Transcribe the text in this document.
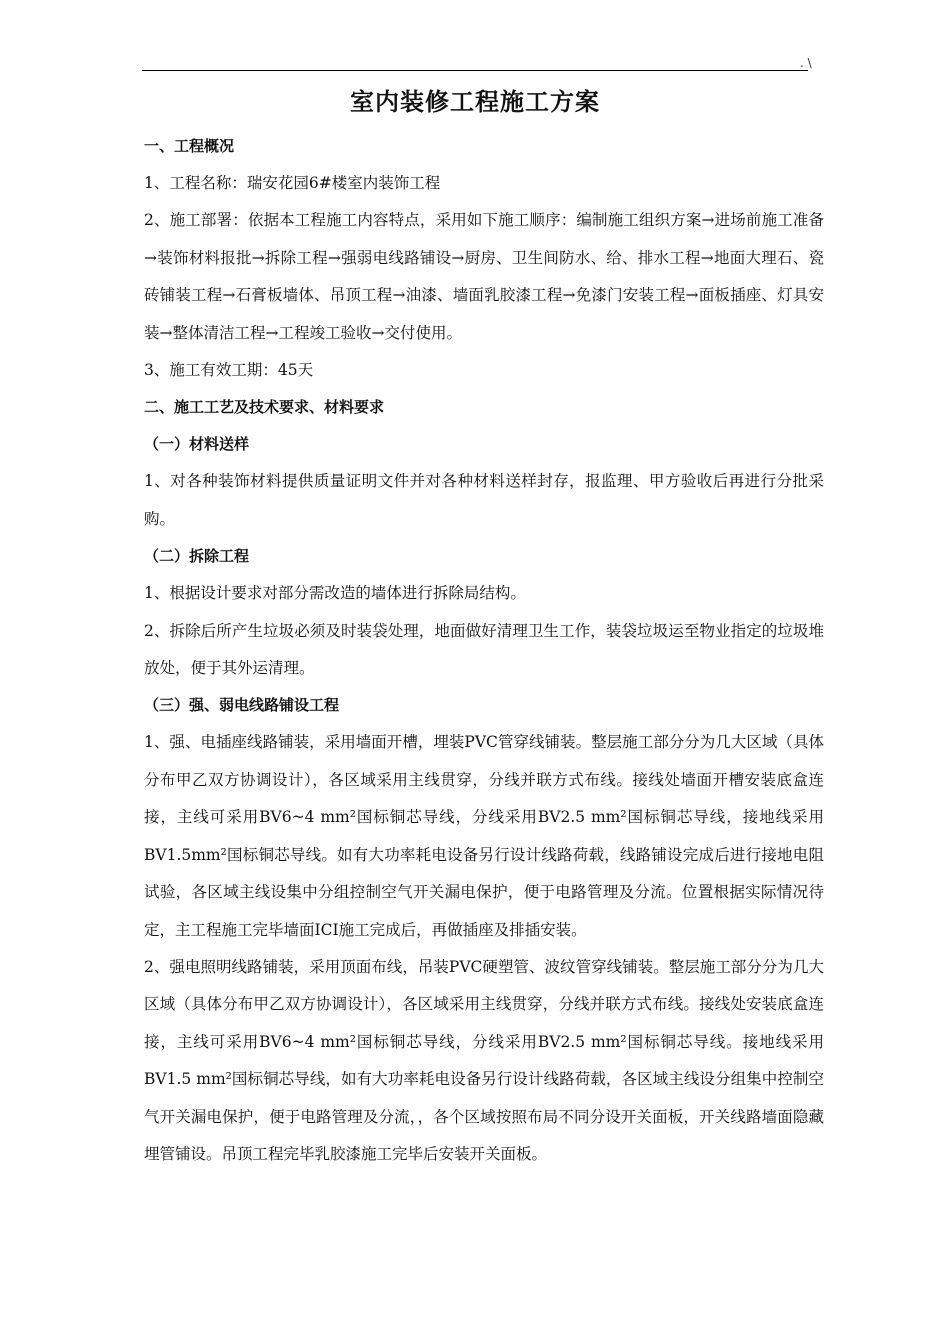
. \
室内装修工程施工方案
一、工程概况

1、工程名称：瑞安花园6#楼室内装饰工程

2、施工部署：依据本工程施工内容特点，采用如下施工顺序：编制施工组织方案→进场前施工准备→装饰材料报批→拆除工程→强弱电线路铺设→厨房、卫生间防水、给、排水工程→地面大理石、瓷砖铺装工程→石膏板墙体、吊顶工程→油漆、墙面乳胶漆工程→免漆门安装工程→面板插座、灯具安装→整体清洁工程→工程竣工验收→交付使用。

3、施工有效工期：45天

二、施工工艺及技术要求、材料要求
（一）材料送样

1、对各种装饰材料提供质量证明文件并对各种材料送样封存，报监理、甲方验收后再进行分批采购。

（二）拆除工程

1、根据设计要求对部分需改造的墙体进行拆除局结构。

2、拆除后所产生垃圾必须及时装袋处理，地面做好清理卫生工作，装袋垃圾运至物业指定的垃圾堆放处，便于其外运清理。

（三）强、弱电线路铺设工程

1、强、电插座线路铺装，采用墙面开槽，埋装PVC管穿线铺装。整层施工部分分为几大区域（具体分布甲乙双方协调设计），各区域采用主线贯穿，分线并联方式布线。接线处墙面开槽安装底盒连接，主线可采用BV6~4 mm²国标铜芯导线，分线采用BV2.5 mm²国标铜芯导线，接地线采用BV1.5mm²国标铜芯导线。如有大功率耗电设备另行设计线路荷载，线路铺设完成后进行接地电阻试验，各区域主线设集中分组控制空气开关漏电保护，便于电路管理及分流。位置根据实际情况待定，主工程施工完毕墙面ICI施工完成后，再做插座及排插安装。

2、强电照明线路铺装，采用顶面布线，吊装PVC硬塑管、波纹管穿线铺装。整层施工部分分为几大区域（具体分布甲乙双方协调设计），各区域采用主线贯穿，分线并联方式布线。接线处安装底盒连接，主线可采用BV6~4 mm²国标铜芯导线，分线采用BV2.5 mm²国标铜芯导线。接地线采用BV1.5 mm²国标铜芯导线，如有大功率耗电设备另行设计线路荷载，各区域主线设分组集中控制空气开关漏电保护，便于电路管理及分流，，各个区域按照布局不同分设开关面板，开关线路墙面隐藏埋管铺设。吊顶工程完毕乳胶漆施工完毕后安装开关面板。
